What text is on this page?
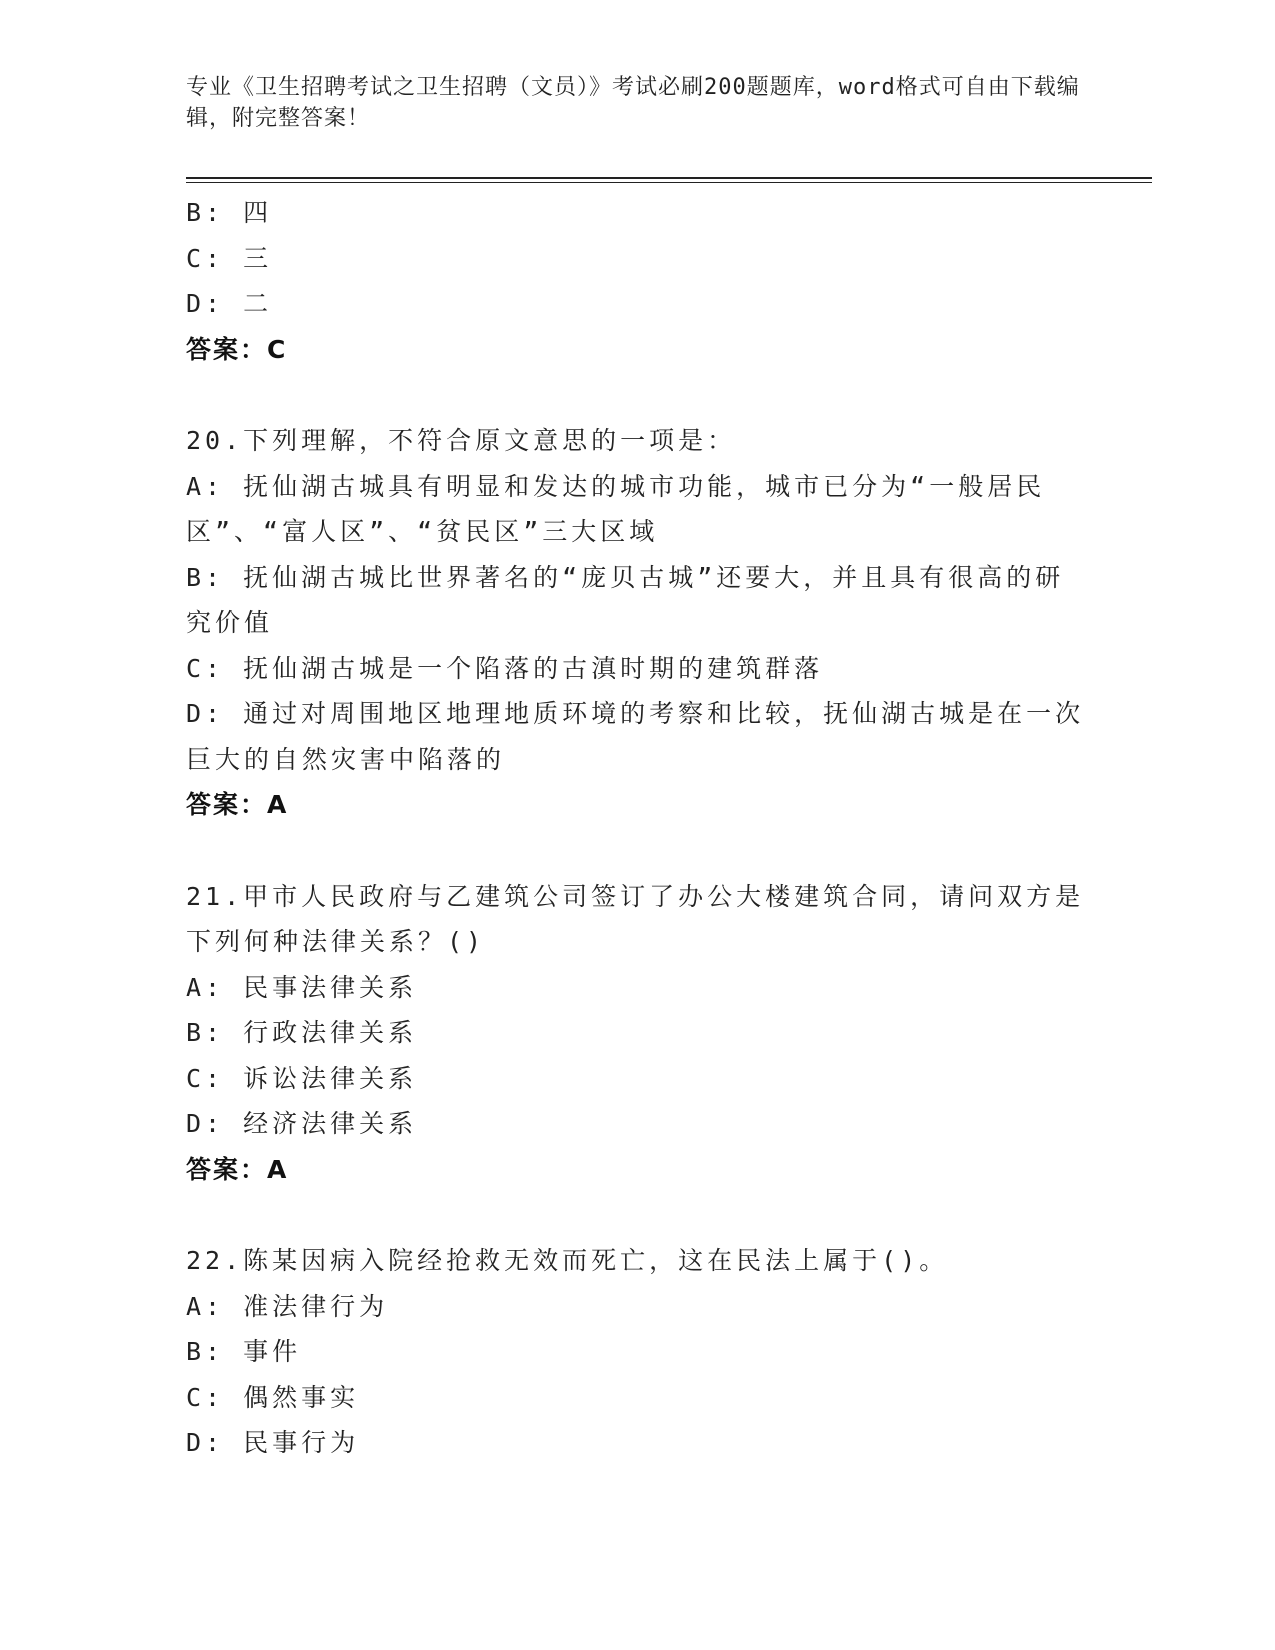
专业《卫生招聘考试之卫生招聘（文员）》考试必刷200题题库，word格式可自由下载编辑，附完整答案！
B: 四
C: 三
D: 二
答案：C
20.下列理解，不符合原文意思的一项是：
A: 抚仙湖古城具有明显和发达的城市功能，城市已分为“一般居民区”、“富人区”、“贫民区”三大区域
B: 抚仙湖古城比世界著名的“庞贝古城”还要大，并且具有很高的研究价值
C: 抚仙湖古城是一个陷落的古滇时期的建筑群落
D: 通过对周围地区地理地质环境的考察和比较，抚仙湖古城是在一次巨大的自然灾害中陷落的
答案：A
21.甲市人民政府与乙建筑公司签订了办公大楼建筑合同，请问双方是下列何种法律关系？()
A: 民事法律关系
B: 行政法律关系
C: 诉讼法律关系
D: 经济法律关系
答案：A
22.陈某因病入院经抢救无效而死亡，这在民法上属于()。
A: 准法律行为
B: 事件
C: 偶然事实
D: 民事行为
